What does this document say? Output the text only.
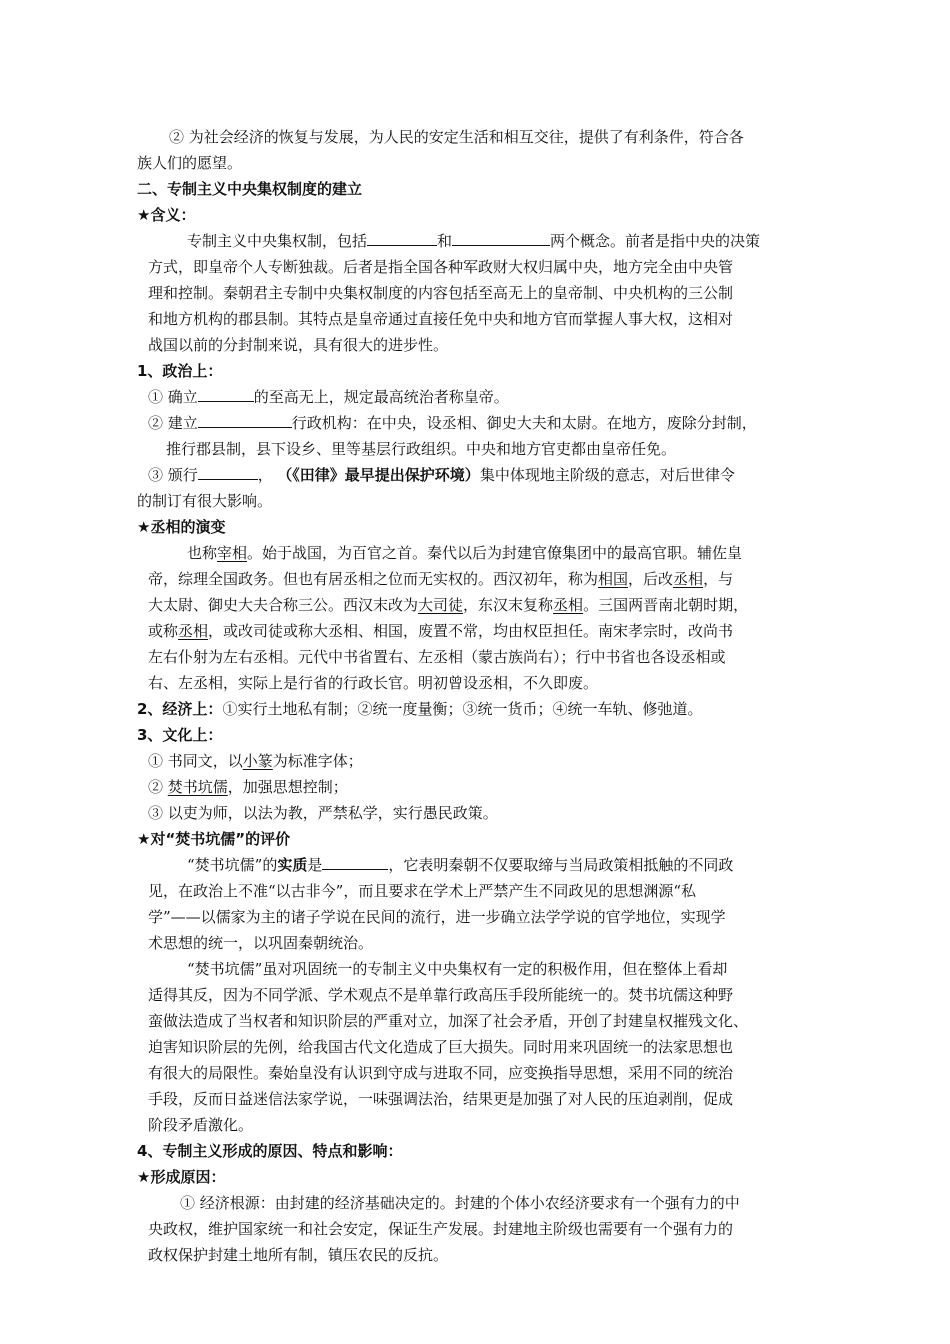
② 为社会经济的恢复与发展，为人民的安定生活和相互交往，提供了有利条件，符合各
族人们的愿望。
二、专制主义中央集权制度的建立
★含义：
专制主义中央集权制，包括	和	两个概念。前者是指中央的决策
方式，即皇帝个人专断独裁。后者是指全国各种军政财大权归属中央，地方完全由中央管
理和控制。秦朝君主专制中央集权制度的内容包括至高无上的皇帝制、中央机构的三公制
和地方机构的郡县制。其特点是皇帝通过直接任免中央和地方官而掌握人事大权，这相对
战国以前的分封制来说，具有很大的进步性。
1、政治上：
① 确立	的至高无上，规定最高统治者称皇帝。
② 建立	行政机构：在中央，设丞相、御史大夫和太尉。在地方，废除分封制，
推行郡县制，县下设乡、里等基层行政组织。中央和地方官吏都由皇帝任免。
③ 颁行	， （《田律》最早提出保护环境）集中体现地主阶级的意志，对后世律令
的制订有很大影响。
★丞相的演变
也称宰相。始于战国，为百官之首。秦代以后为封建官僚集团中的最高官职。辅佐皇
帝，综理全国政务。但也有居丞相之位而无实权的。西汉初年，称为相国，后改丞相，与
大太尉、御史大夫合称三公。西汉末改为大司徒，东汉末复称丞相。三国两晋南北朝时期，
或称丞相，或改司徒或称大丞相、相国，废置不常，均由权臣担任。南宋孝宗时，改尚书
左右仆射为左右丞相。元代中书省置右、左丞相（蒙古族尚右）；行中书省也各设丞相或
右、左丞相，实际上是行省的行政长官。明初曾设丞相，不久即废。
2、经济上：①实行土地私有制；②统一度量衡；③统一货币；④统一车轨、修弛道。
3、文化上：
① 书同文，以小篆为标准字体；
② 焚书坑儒，加强思想控制；
③ 以吏为师，以法为教，严禁私学，实行愚民政策。
★对“焚书坑儒”的评价
“焚书坑儒”的实质是	，它表明秦朝不仅要取缔与当局政策相抵触的不同政
见，在政治上不准“以古非今”，而且要求在学术上严禁产生不同政见的思想渊源“私
学”——以儒家为主的诸子学说在民间的流行，进一步确立法学学说的官学地位，实现学
术思想的统一，以巩固秦朝统治。
“焚书坑儒”虽对巩固统一的专制主义中央集权有一定的积极作用，但在整体上看却
适得其反，因为不同学派、学术观点不是单靠行政高压手段所能统一的。焚书坑儒这种野
蛮做法造成了当权者和知识阶层的严重对立，加深了社会矛盾，开创了封建皇权摧残文化、
迫害知识阶层的先例，给我国古代文化造成了巨大损失。同时用来巩固统一的法家思想也
有很大的局限性。秦始皇没有认识到守成与进取不同，应变换指导思想，采用不同的统治
手段，反而日益迷信法家学说，一味强调法治，结果更是加强了对人民的压迫剥削，促成
阶段矛盾激化。
4、专制主义形成的原因、特点和影响：
★形成原因：
① 经济根源：由封建的经济基础决定的。封建的个体小农经济要求有一个强有力的中
央政权，维护国家统一和社会安定，保证生产发展。封建地主阶级也需要有一个强有力的
政权保护封建土地所有制，镇压农民的反抗。
